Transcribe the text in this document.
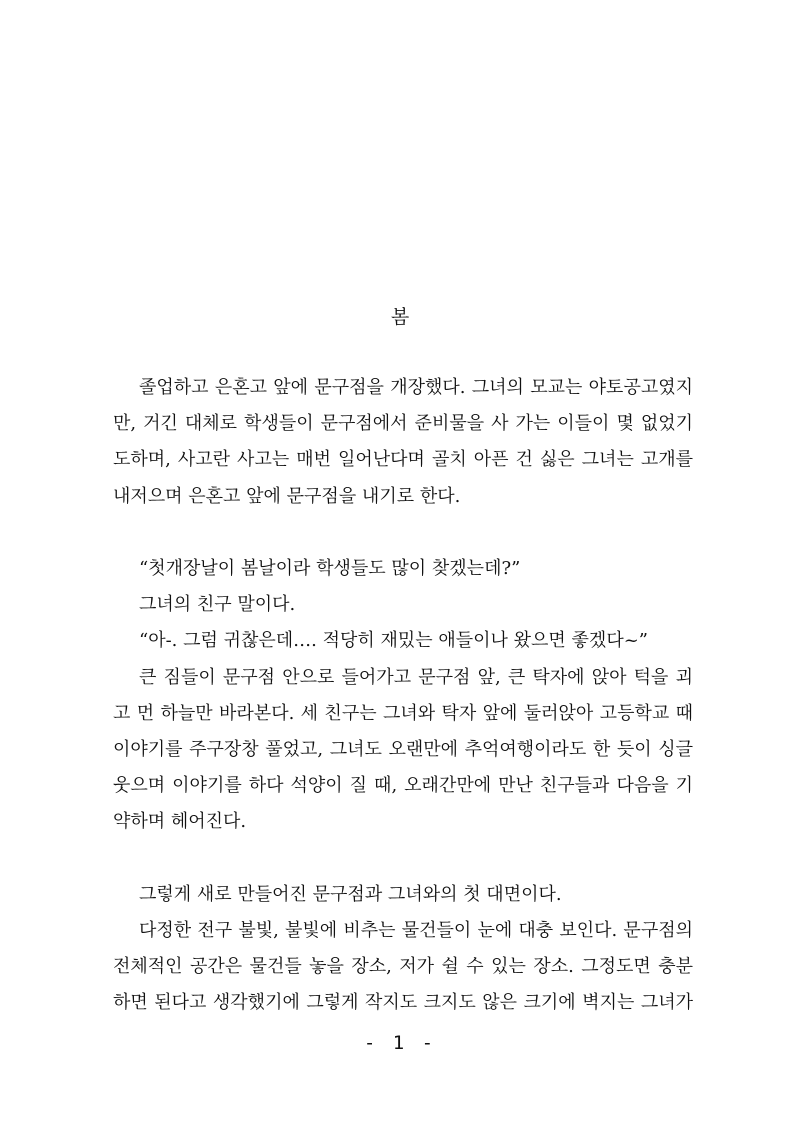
봄
졸업하고 은혼고 앞에 문구점을 개장했다. 그녀의 모교는 야토공고였지
만, 거긴 대체로 학생들이 문구점에서 준비물을 사 가는 이들이 몇 없었기
도하며, 사고란 사고는 매번 일어난다며 골치 아픈 건 싫은 그녀는 고개를
내저으며 은혼고 앞에 문구점을 내기로 한다.
“첫개장날이 봄날이라 학생들도 많이 찾겠는데?”
그녀의 친구 말이다.
“아-. 그럼 귀찮은데…. 적당히 재밌는 애들이나 왔으면 좋겠다~”
큰 짐들이 문구점 안으로 들어가고 문구점 앞, 큰 탁자에 앉아 턱을 괴
고 먼 하늘만 바라본다. 세 친구는 그녀와 탁자 앞에 둘러앉아 고등학교 때
이야기를 주구장창 풀었고, 그녀도 오랜만에 추억여행이라도 한 듯이 싱글
웃으며 이야기를 하다 석양이 질 때, 오래간만에 만난 친구들과 다음을 기
약하며 헤어진다.
그렇게 새로 만들어진 문구점과 그녀와의 첫 대면이다.
다정한 전구 불빛, 불빛에 비추는 물건들이 눈에 대충 보인다. 문구점의
전체적인 공간은 물건들 놓을 장소, 저가 쉴 수 있는 장소. 그정도면 충분
하면 된다고 생각했기에 그렇게 작지도 크지도 않은 크기에 벽지는 그녀가
- 1 -
